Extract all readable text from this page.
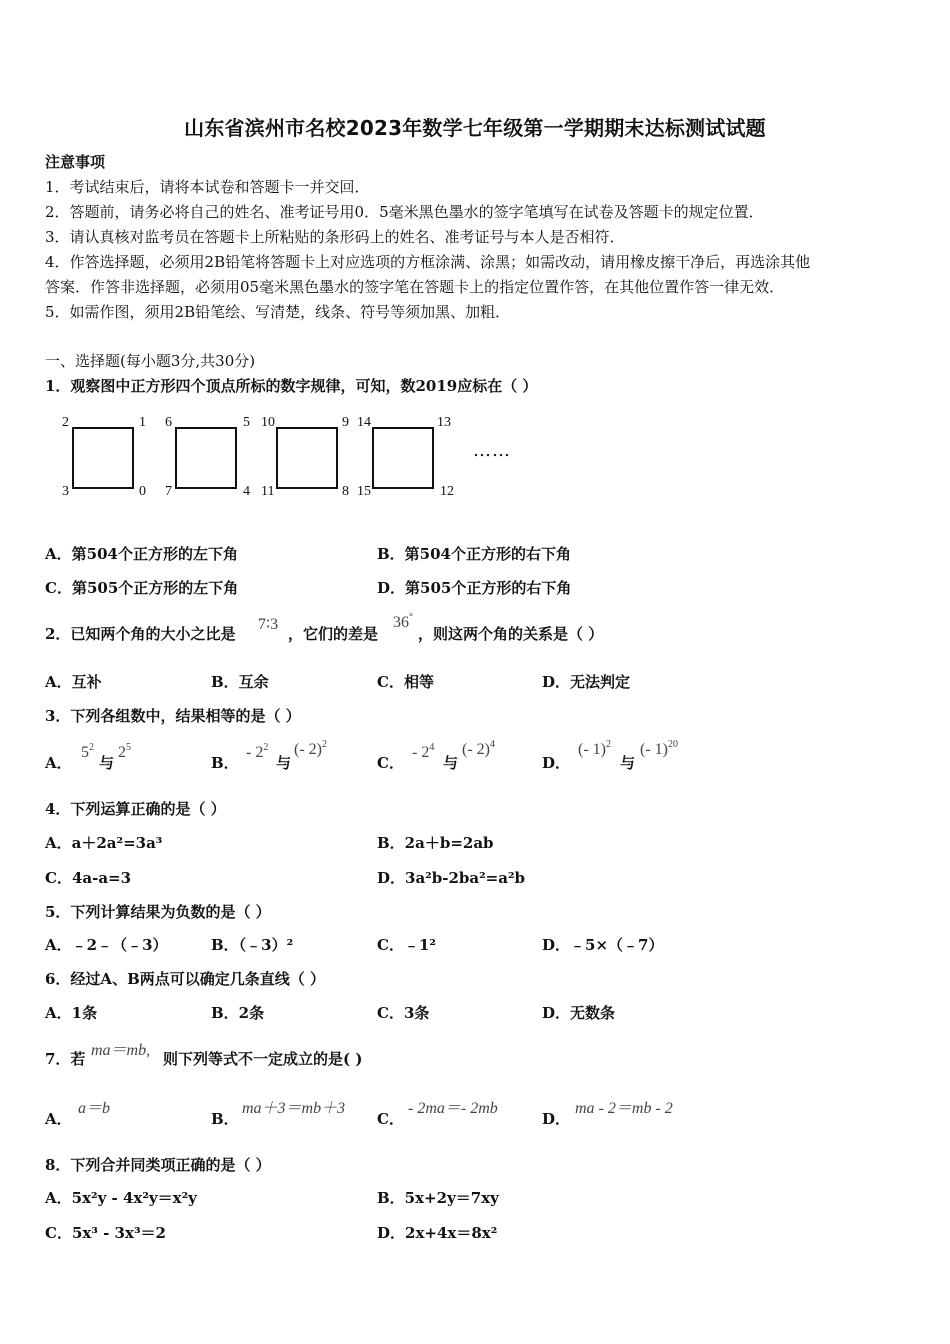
山东省滨州市名校2023年数学七年级第一学期期末达标测试试题
注意事项
1．考试结束后，请将本试卷和答题卡一并交回．
2．答题前，请务必将自己的姓名、准考证号用0．5毫米黑色墨水的签字笔填写在试卷及答题卡的规定位置．
3．请认真核对监考员在答题卡上所粘贴的条形码上的姓名、准考证号与本人是否相符．
4．作答选择题，必须用2B铅笔将答题卡上对应选项的方框涂满、涂黑；如需改动，请用橡皮擦干净后，再选涂其他
答案．作答非选择题，必须用05毫米黑色墨水的签字笔在答题卡上的指定位置作答，在其他位置作答一律无效．
5．如需作图，须用2B铅笔绘、写清楚，线条、符号等须加黑、加粗．
一、选择题(每小题3分,共30分)
1．观察图中正方形四个顶点所标的数字规律，可知，数2019应标在（ ）
2	1
3	0
6	5
7	4
10	9
11	8
14	13
15	12
……
A．第504个正方形的左下角	B．第504个正方形的右下角
C．第505个正方形的左下角	D．第505个正方形的右下角
2．已知两个角的大小之比是
7∶3
，它们的差是
36°
，则这两个角的关系是（ ）
A．互补	B．互余	C．相等	D．无法判定
3．下列各组数中，结果相等的是（ ）
A．
$5^2$
与
$2^5$
B．
- $2^2$
与
(- 2)$^2$
C．
- $2^4$
与
(- 2)$^4$
D．
(- 1)$^2$
与
(- 1)$^{20}$
4．下列运算正确的是（ ）
A．a＋2a²=3a³	B．2a＋b=2ab
C．4a-a=3	D．3a²b-2ba²=a²b
5．下列计算结果为负数的是（ ）
A．﹣2﹣（﹣3）	B．（﹣3）²	C．﹣1²	D．﹣5×（﹣7）
6．经过A、B两点可以确定几条直线（ ）
A．1条	B．2条	C．3条	D．无数条
7．若 ma＝mb, 则下列等式不一定成立的是( )
A．
a＝b
B．
ma＋3＝mb＋3
C．
- 2ma＝- 2mb
D．
ma - 2＝mb - 2
8．下列合并同类项正确的是（ ）
A．5x²y - 4x²y＝x²y	B．5x+2y＝7xy
C．5x³ - 3x³＝2	D．2x+4x＝8x²
